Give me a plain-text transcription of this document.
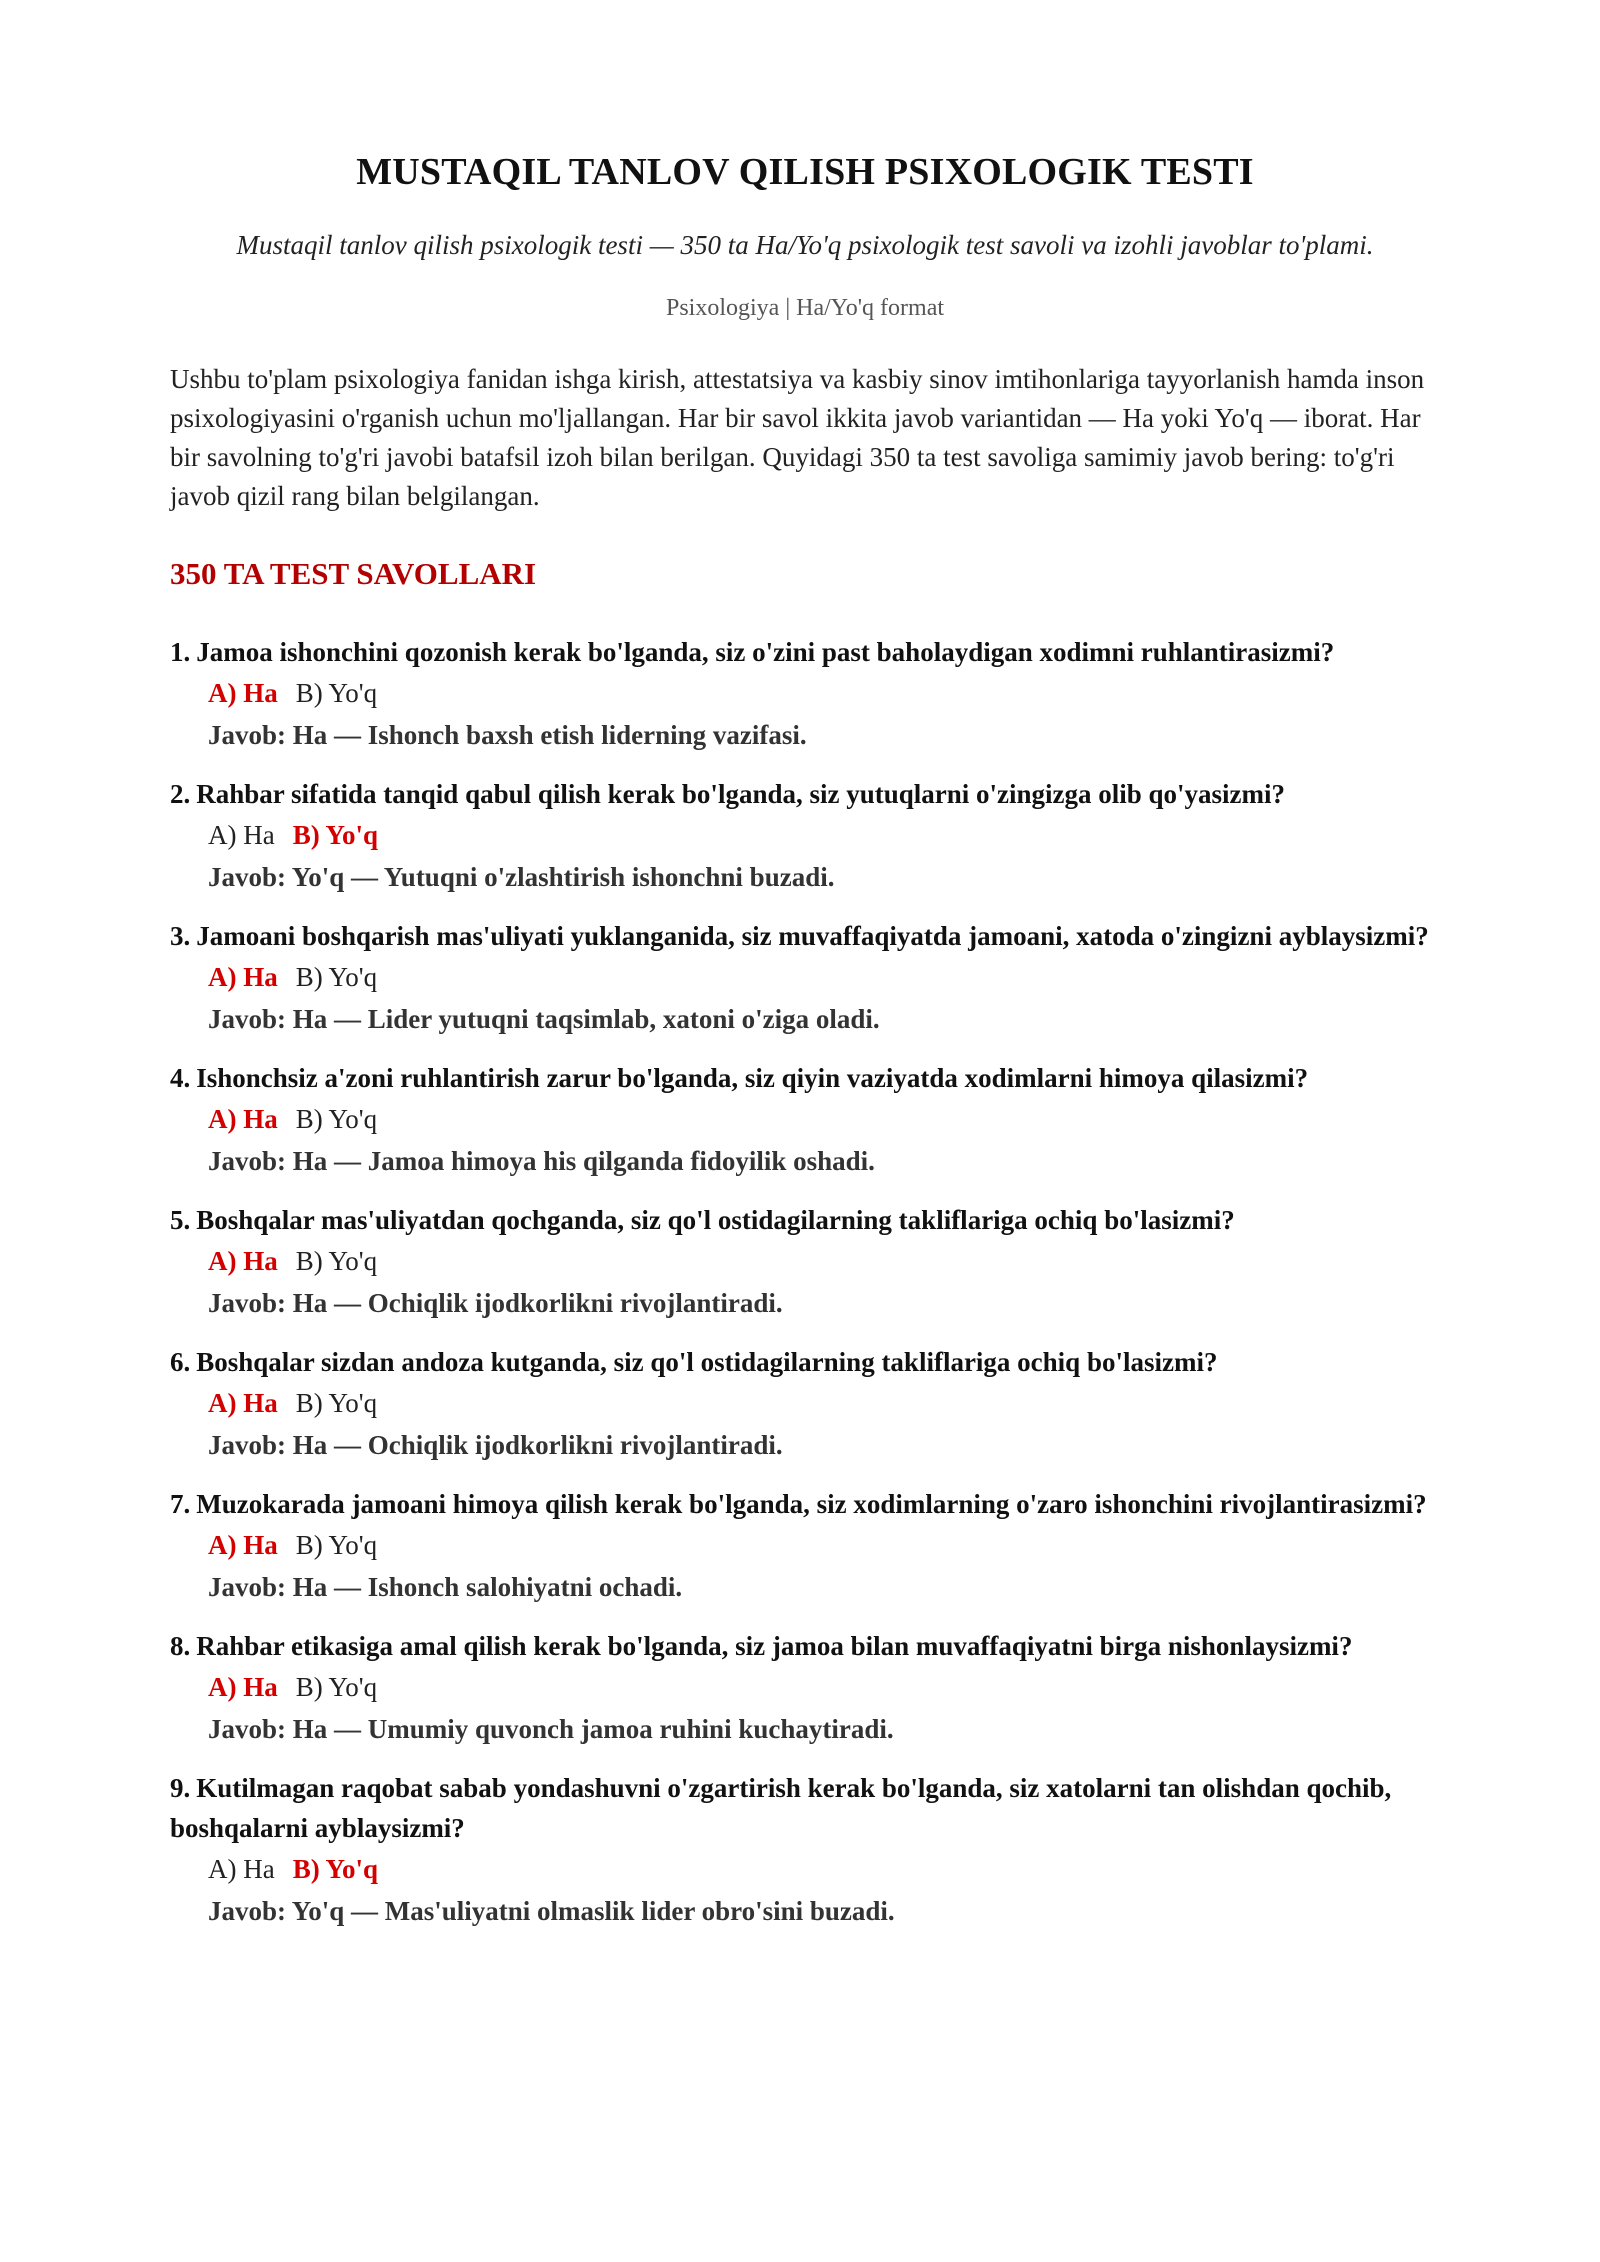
MUSTAQIL TANLOV QILISH PSIXOLOGIK TESTI

Mustaqil tanlov qilish psixologik testi — 350 ta Ha/Yo'q psixologik test savoli va izohli javoblar to'plami.

Psixologiya | Ha/Yo'q format

Ushbu to'plam psixologiya fanidan ishga kirish, attestatsiya va kasbiy sinov imtihonlariga tayyorlanish hamda inson psixologiyasini o'rganish uchun mo'ljallangan. Har bir savol ikkita javob variantidan — Ha yoki Yo'q — iborat. Har bir savolning to'g'ri javobi batafsil izoh bilan berilgan. Quyidagi 350 ta test savoliga samimiy javob bering: to'g'ri javob qizil rang bilan belgilangan.

350 TA TEST SAVOLLARI
1. Jamoa ishonchini qozonish kerak bo'lganda, siz o'zini past baholaydigan xodimni ruhlantirasizmi?
A) Ha B) Yo'q
Javob: Ha — Ishonch baxsh etish liderning vazifasi.
2. Rahbar sifatida tanqid qabul qilish kerak bo'lganda, siz yutuqlarni o'zingizga olib qo'yasizmi?
A) Ha B) Yo'q
Javob: Yo'q — Yutuqni o'zlashtirish ishonchni buzadi.
3. Jamoani boshqarish mas'uliyati yuklanganida, siz muvaffaqiyatda jamoani, xatoda o'zingizni ayblaysizmi?
A) Ha B) Yo'q
Javob: Ha — Lider yutuqni taqsimlab, xatoni o'ziga oladi.
4. Ishonchsiz a'zoni ruhlantirish zarur bo'lganda, siz qiyin vaziyatda xodimlarni himoya qilasizmi?
A) Ha B) Yo'q
Javob: Ha — Jamoa himoya his qilganda fidoyilik oshadi.
5. Boshqalar mas'uliyatdan qochganda, siz qo'l ostidagilarning takliflariga ochiq bo'lasizmi?
A) Ha B) Yo'q
Javob: Ha — Ochiqlik ijodkorlikni rivojlantiradi.
6. Boshqalar sizdan andoza kutganda, siz qo'l ostidagilarning takliflariga ochiq bo'lasizmi?
A) Ha B) Yo'q
Javob: Ha — Ochiqlik ijodkorlikni rivojlantiradi.
7. Muzokarada jamoani himoya qilish kerak bo'lganda, siz xodimlarning o'zaro ishonchini rivojlantirasizmi?
A) Ha B) Yo'q
Javob: Ha — Ishonch salohiyatni ochadi.
8. Rahbar etikasiga amal qilish kerak bo'lganda, siz jamoa bilan muvaffaqiyatni birga nishonlaysizmi?
A) Ha B) Yo'q
Javob: Ha — Umumiy quvonch jamoa ruhini kuchaytiradi.
9. Kutilmagan raqobat sabab yondashuvni o'zgartirish kerak bo'lganda, siz xatolarni tan olishdan qochib, boshqalarni ayblaysizmi?
A) Ha B) Yo'q
Javob: Yo'q — Mas'uliyatni olmaslik lider obro'sini buzadi.
